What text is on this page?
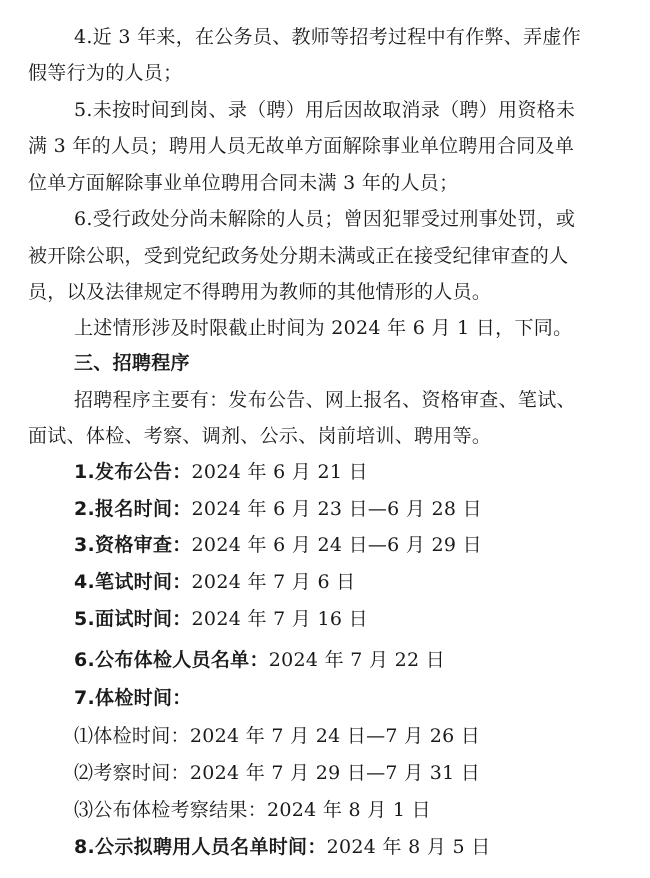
4.近 3 年来，在公务员、教师等招考过程中有作弊、弄虚作
假等行为的人员；
5.未按时间到岗、录（聘）用后因故取消录（聘）用资格未
满 3 年的人员；聘用人员无故单方面解除事业单位聘用合同及单
位单方面解除事业单位聘用合同未满 3 年的人员；
6.受行政处分尚未解除的人员；曾因犯罪受过刑事处罚，或
被开除公职，受到党纪政务处分期未满或正在接受纪律审查的人
员，以及法律规定不得聘用为教师的其他情形的人员。
上述情形涉及时限截止时间为 2024 年 6 月 1 日，下同。
三、招聘程序
招聘程序主要有：发布公告、网上报名、资格审查、笔试、
面试、体检、考察、调剂、公示、岗前培训、聘用等。
1.发布公告：2024 年 6 月 21 日
2.报名时间：2024 年 6 月 23 日—6 月 28 日
3.资格审查：2024 年 6 月 24 日—6 月 29 日
4.笔试时间：2024 年 7 月 6 日
5.面试时间：2024 年 7 月 16 日
6.公布体检人员名单：2024 年 7 月 22 日
7.体检时间：
⑴体检时间：2024 年 7 月 24 日—7 月 26 日
⑵考察时间：2024 年 7 月 29 日—7 月 31 日
⑶公布体检考察结果：2024 年 8 月 1 日
8.公示拟聘用人员名单时间：2024 年 8 月 5 日
